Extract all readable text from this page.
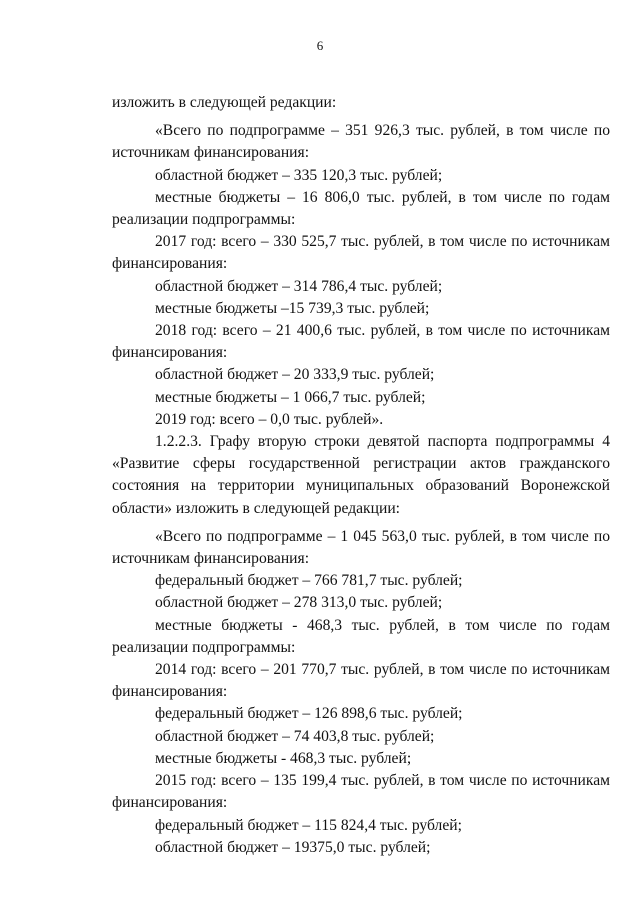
6

изложить в следующей редакции:

«Всего по подпрограмме – 351 926,3 тыс. рублей, в том числе по

источникам финансирования:

областной бюджет – 335 120,3 тыс. рублей;

местные бюджеты – 16 806,0 тыс. рублей, в том числе по годам

реализации подпрограммы:

2017 год: всего – 330 525,7 тыс. рублей, в том числе по источникам

финансирования:

областной бюджет – 314 786,4 тыс. рублей;

местные бюджеты –15 739,3 тыс. рублей;

2018 год: всего – 21 400,6 тыс. рублей, в том числе по источникам

финансирования:

областной бюджет – 20 333,9 тыс. рублей;

местные бюджеты – 1 066,7 тыс. рублей;

2019 год: всего – 0,0 тыс. рублей».

1.2.2.3. Графу вторую строки девятой паспорта подпрограммы 4

«Развитие сферы государственной регистрации актов гражданского

состояния на территории муниципальных образований Воронежской

области» изложить в следующей редакции:

«Всего по подпрограмме – 1 045 563,0 тыс. рублей, в том числе по

источникам финансирования:

федеральный бюджет – 766 781,7 тыс. рублей;

областной бюджет – 278 313,0 тыс. рублей;

местные бюджеты - 468,3 тыс. рублей, в том числе по годам

реализации подпрограммы:

2014 год: всего – 201 770,7 тыс. рублей, в том числе по источникам

финансирования:

федеральный бюджет – 126 898,6 тыс. рублей;

областной бюджет – 74 403,8 тыс. рублей;

местные бюджеты - 468,3 тыс. рублей;

2015 год: всего – 135 199,4 тыс. рублей, в том числе по источникам

финансирования:

федеральный бюджет – 115 824,4 тыс. рублей;

областной бюджет – 19375,0 тыс. рублей;
